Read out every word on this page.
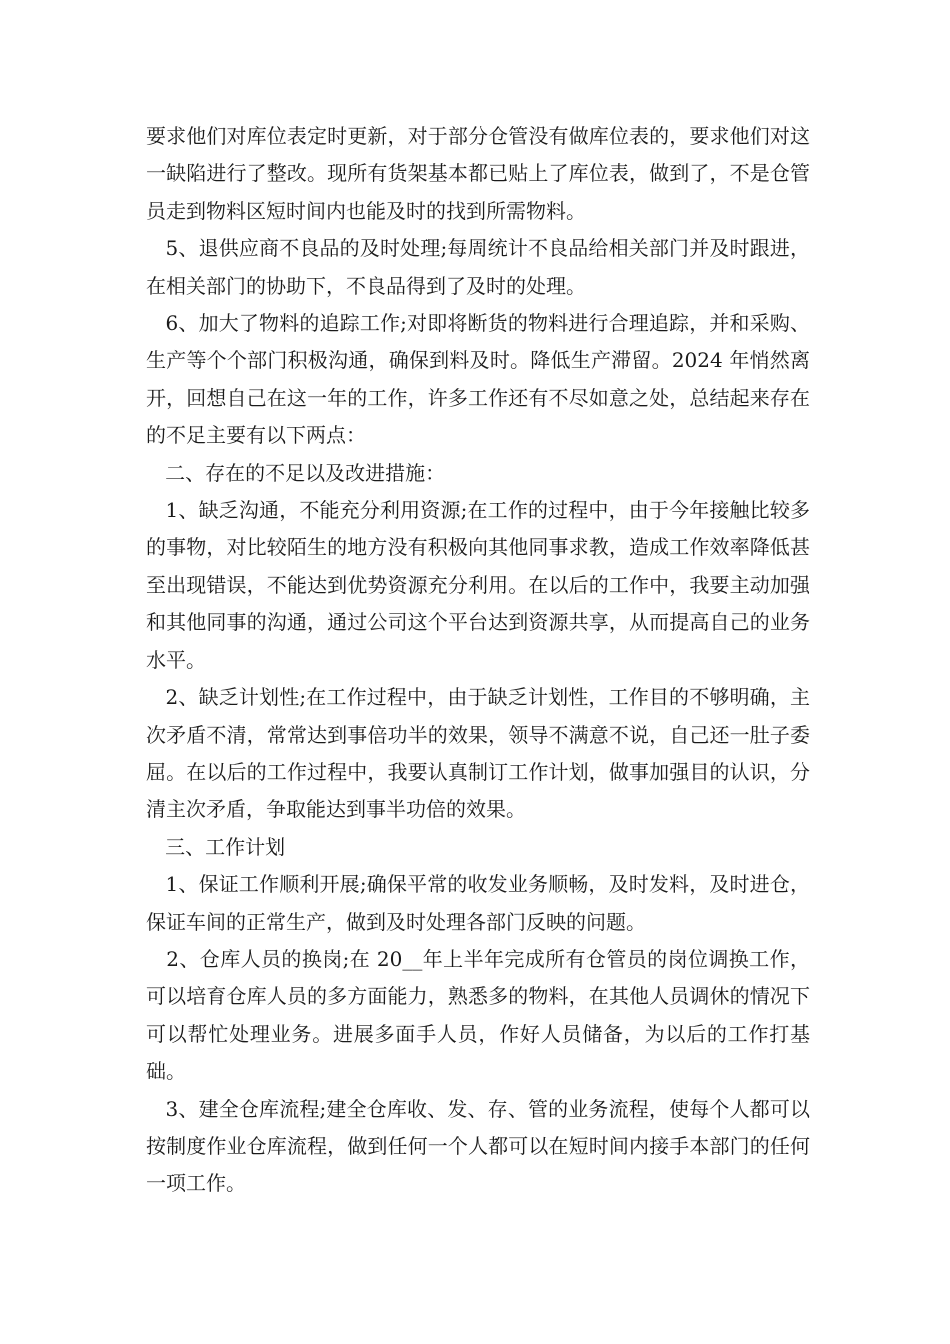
要求他们对库位表定时更新，对于部分仓管没有做库位表的，要求他们对这一缺陷进行了整改。现所有货架基本都已贴上了库位表，做到了，不是仓管员走到物料区短时间内也能及时的找到所需物料。

5、退供应商不良品的及时处理;每周统计不良品给相关部门并及时跟进，在相关部门的协助下，不良品得到了及时的处理。

6、加大了物料的追踪工作;对即将断货的物料进行合理追踪，并和采购、生产等个个部门积极沟通，确保到料及时。降低生产滞留。2024 年悄然离开，回想自己在这一年的工作，许多工作还有不尽如意之处，总结起来存在的不足主要有以下两点：

二、存在的不足以及改进措施：

1、缺乏沟通，不能充分利用资源;在工作的过程中，由于今年接触比较多的事物，对比较陌生的地方没有积极向其他同事求教，造成工作效率降低甚至出现错误，不能达到优势资源充分利用。在以后的工作中，我要主动加强和其他同事的沟通，通过公司这个平台达到资源共享，从而提高自己的业务水平。

2、缺乏计划性;在工作过程中，由于缺乏计划性，工作目的不够明确，主次矛盾不清，常常达到事倍功半的效果，领导不满意不说，自己还一肚子委屈。在以后的工作过程中，我要认真制订工作计划，做事加强目的认识，分清主次矛盾，争取能达到事半功倍的效果。

三、工作计划

1、保证工作顺利开展;确保平常的收发业务顺畅，及时发料，及时进仓，保证车间的正常生产，做到及时处理各部门反映的问题。

2、仓库人员的换岗;在 20__年上半年完成所有仓管员的岗位调换工作，可以培育仓库人员的多方面能力，熟悉多的物料，在其他人员调休的情况下可以帮忙处理业务。进展多面手人员，作好人员储备，为以后的工作打基础。

3、建全仓库流程;建全仓库收、发、存、管的业务流程，使每个人都可以按制度作业仓库流程，做到任何一个人都可以在短时间内接手本部门的任何一项工作。
